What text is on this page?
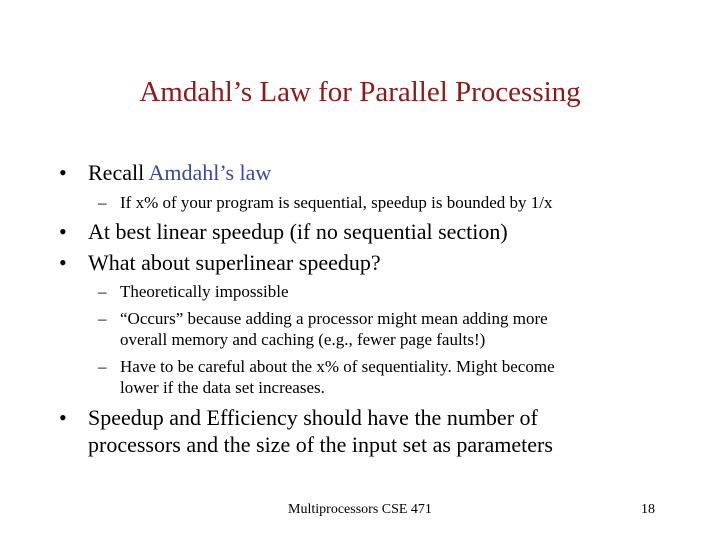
Amdahl’s Law for Parallel Processing
• Recall Amdahl’s law
– If x% of your program is sequential, speedup is bounded by 1/x
• At best linear speedup (if no sequential section)
• What about superlinear speedup?
– Theoretically impossible
– “Occurs” because adding a processor might mean adding more
overall memory and caching (e.g., fewer page faults!)
– Have to be careful about the x% of sequentiality. Might become
lower if the data set increases.
• Speedup and Efficiency should have the number of
processors and the size of the input set as parameters
Multiprocessors CSE 471	18
